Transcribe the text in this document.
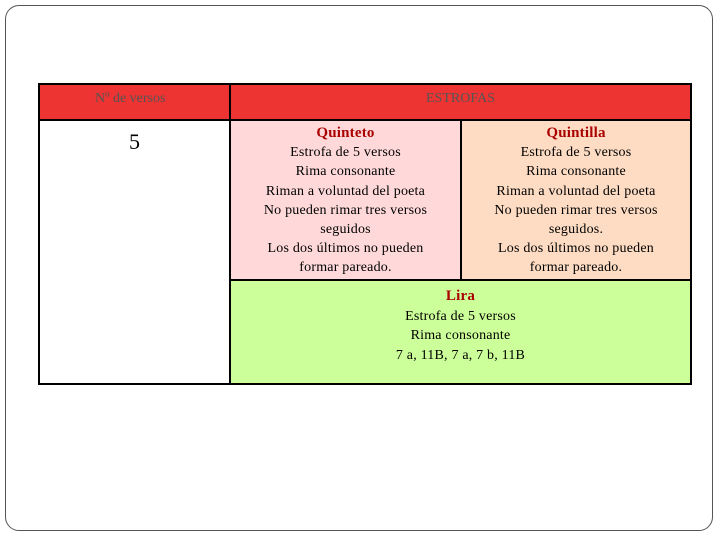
Nº de versos	ESTROFAS
5	Quinteto
Estrofa de 5 versos
Rima consonante
Riman a voluntad del poeta
No pueden rimar tres versos
seguidos
Los dos últimos no pueden
formar pareado.
Quintilla
Estrofa de 5 versos
Rima consonante
Riman a voluntad del poeta
No pueden rimar tres versos
seguidos.
Los dos últimos no pueden
formar pareado.
Lira
Estrofa de 5 versos
Rima consonante
7 a, 11B, 7 a, 7 b, 11B
